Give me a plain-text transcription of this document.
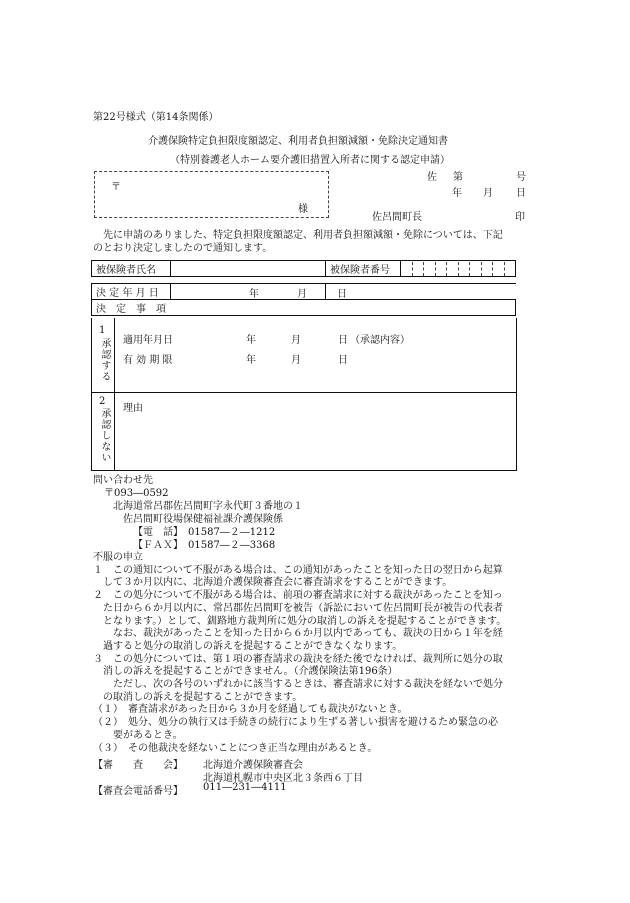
第22号様式（第14条関係）
介護保険特定負担限度額認定、利用者負担額減額・免除決定通知書
（特別養護老人ホーム要介護旧措置入所者に関する認定申請）
〒
様
佐 第	号
年 月 日
佐呂間町長	印
先に申請のありました、特定負担限度額認定、利用者負担額減額・免除については、下記
のとおり決定しましたので通知します。
被保険者氏名		被保険者番号	
決 定 年 月 日	年	月	日

決　定　事　項
1
承認する 適用年月日	年	月	日 （承認内容）
有 効 期 限	年	月	日
2
承認しない 理由
問い合わせ先
〒093―0592
北海道常呂郡佐呂間町字永代町３番地の１
佐呂間町役場保健福祉課介護保険係
【電　話】　01587―２―1212
【ＦＡＸ】　01587―２―3368
不服の申立
１　この通知について不服がある場合は、この通知があったことを知った日の翌日から起算
　して３か月以内に、北海道介護保険審査会に審査請求をすることができます。
２　この処分について不服がある場合は、前項の審査請求に対する裁決があったことを知っ
　た日から６か月以内に、常呂郡佐呂間町を被告（訴訟において佐呂間町長が被告の代表者
　となります。）として、釧路地方裁判所に処分の取消しの訴えを提起することができます。
　　なお、裁決があったことを知った日から６か月以内であっても、裁決の日から１年を経
　過すると処分の取消しの訴えを提起することができなくなります。
３　この処分については、第１項の審査請求の裁決を経た後でなければ、裁判所に処分の取
　消しの訴えを提起することができません。（介護保険法第196条）
　　ただし、次の各号のいずれかに該当するときは、審査請求に対する裁決を経ないで処分
　の取消しの訴えを提起することができます。
（１）　審査請求があった日から３か月を経過しても裁決がないとき。
（２）　処分、処分の執行又は手続きの続行により生ずる著しい損害を避けるため緊急の必
　　要があるとき。
（３）　その他裁決を経ないことにつき正当な理由があるとき。
【審　　査　　会】 北海道介護保険審査会
北海道札幌市中央区北３条西６丁目
【審査会電話番号】 011―231―4111
